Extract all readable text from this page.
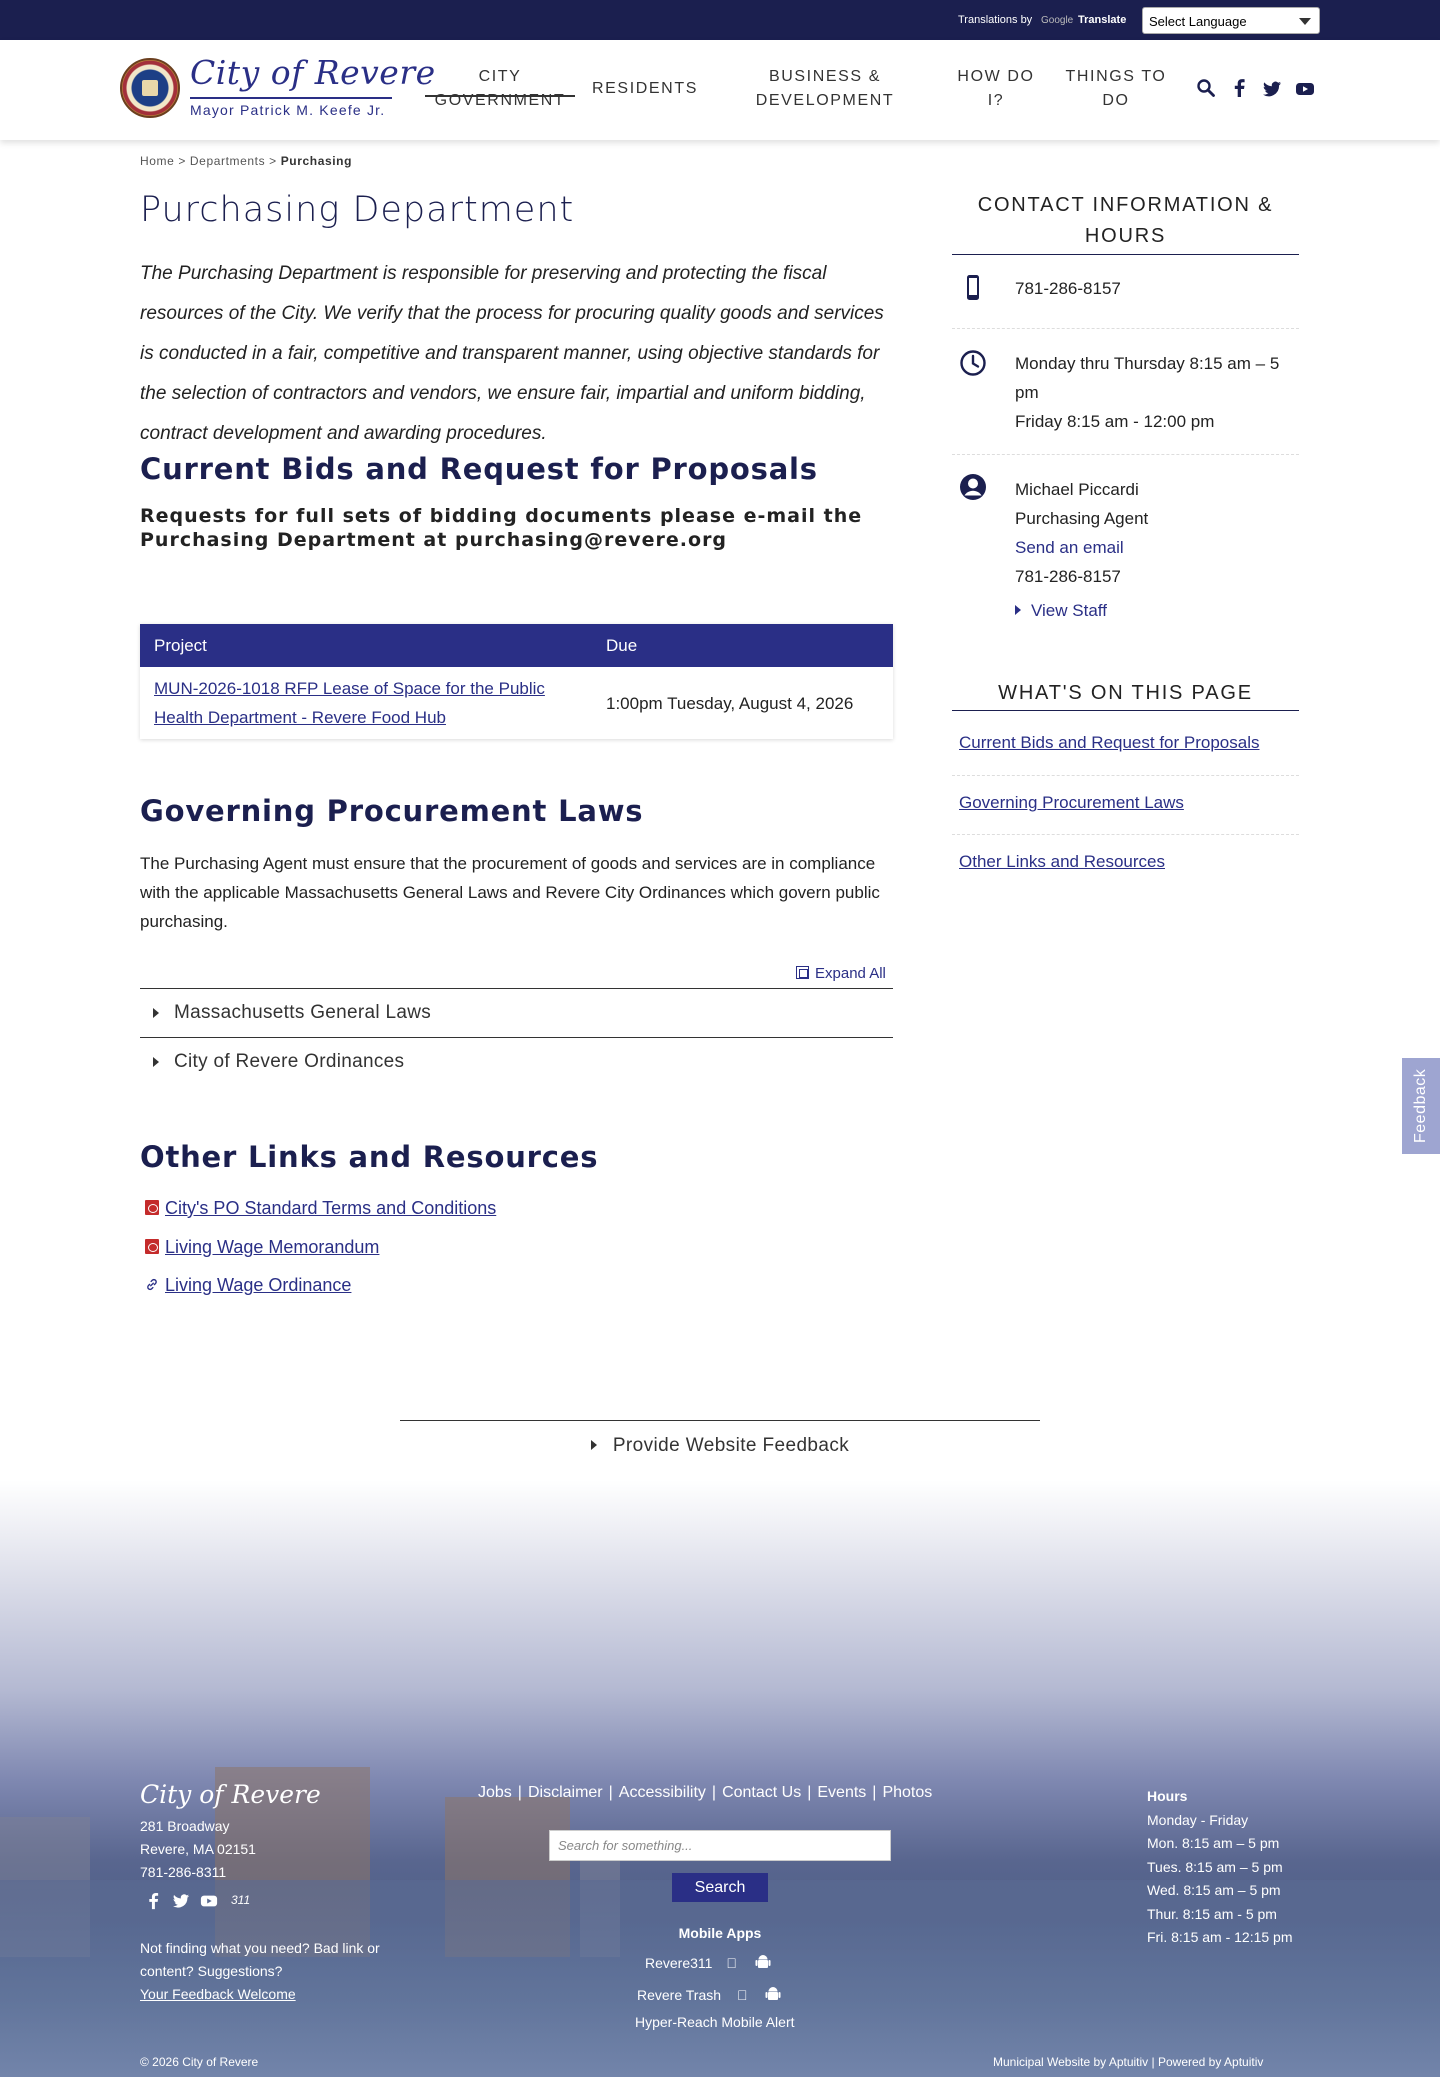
Translations by Google Translate	Select Language
City of Revere
Mayor Patrick M. Keefe Jr.
CITY
GOVERNMENT
RESIDENTS
BUSINESS &
DEVELOPMENT
HOW DO
I?
THINGS TO
DO
Home > Departments > Purchasing
Purchasing Department

The Purchasing Department is responsible for preserving and protecting the fiscal resources of the City. We verify that the process for procuring quality goods and services is conducted in a fair, competitive and transparent manner, using objective standards for the selection of contractors and vendors, we ensure fair, impartial and uniform bidding, contract development and awarding procedures.

Current Bids and Request for Proposals
Requests for full sets of bidding documents please e-mail the Purchasing Department at purchasing@revere.org
Project	Due
MUN-2026-1018 RFP Lease of Space for the Public
Health Department - Revere Food Hub	1:00pm Tuesday, August 4, 2026
Governing Procurement Laws

The Purchasing Agent must ensure that the procurement of goods and services are in compliance with the applicable Massachusetts General Laws and Revere City Ordinances which govern public purchasing.

Expand All
Massachusetts General Laws
City of Revere Ordinances
Other Links and Resources
City's PO Standard Terms and Conditions
Living Wage Memorandum
Living Wage Ordinance
CONTACT INFORMATION &
HOURS
781-286-8157
Monday thru Thursday 8:15 am – 5
pm
Friday 8:15 am - 12:00 pm
Michael Piccardi
Purchasing Agent
Send an email
781-286-8157
View Staff
WHAT'S ON THIS PAGE
Current Bids and Request for Proposals
Governing Procurement Laws
Other Links and Resources
Feedback
Provide Website Feedback
City of Revere
281 Broadway
Revere, MA 02151
781-286-8311
311
Not finding what you need? Bad link or
content? Suggestions?
Your Feedback Welcome
Jobs | Disclaimer | Accessibility | Contact Us | Events | Photos
Search for something...
Search
Mobile Apps
Revere311
Revere Trash
Hyper-Reach Mobile Alert
Hours
Monday - Friday
Mon. 8:15 am – 5 pm
Tues. 8:15 am – 5 pm
Wed. 8:15 am – 5 pm
Thur. 8:15 am - 5 pm
Fri. 8:15 am - 12:15 pm
© 2026 City of Revere	Municipal Website by Aptuitiv | Powered by Aptuitiv
